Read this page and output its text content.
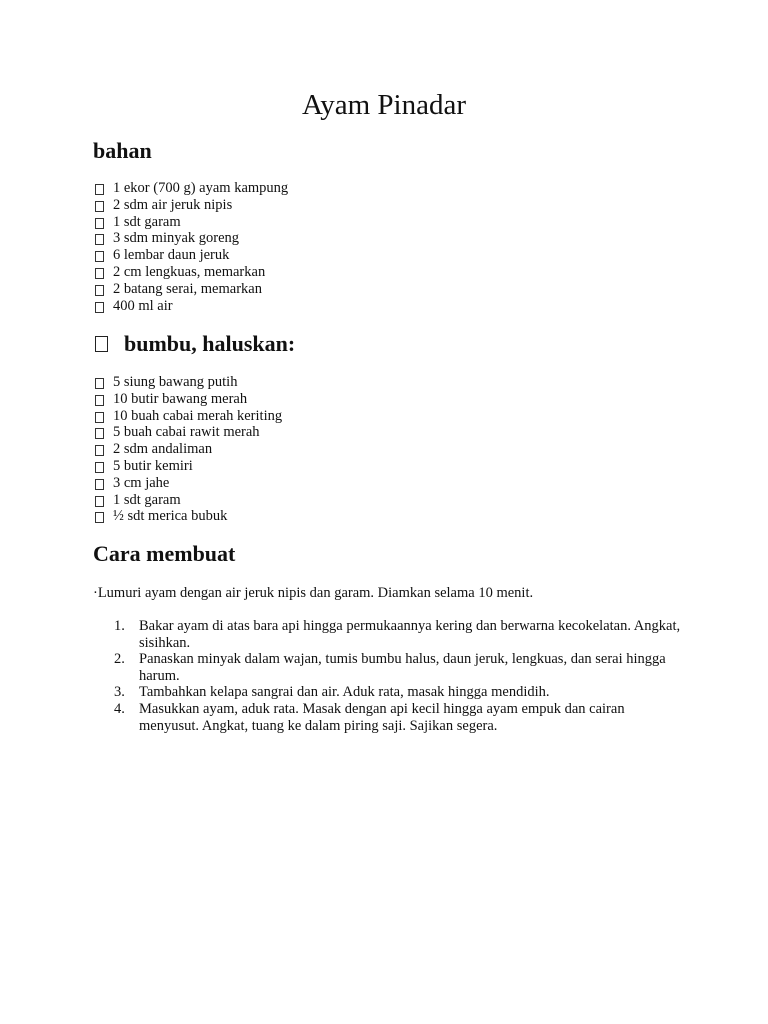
Ayam Pinadar
bahan
1 ekor (700 g) ayam kampung
2 sdm air jeruk nipis
1 sdt garam
3 sdm minyak goreng
6 lembar daun jeruk
2 cm lengkuas, memarkan
2 batang serai, memarkan
400 ml air
bumbu, haluskan:
5 siung bawang putih
10 butir bawang merah
10 buah cabai merah keriting
5 buah cabai rawit merah
2 sdm andaliman
5 butir kemiri
3 cm jahe
1 sdt garam
½ sdt merica bubuk
Cara membuat

·Lumuri ayam dengan air jeruk nipis dan garam. Diamkan selama 10 menit.

1. Bakar ayam di atas bara api hingga permukaannya kering dan berwarna kecokelatan. Angkat, sisihkan.
2. Panaskan minyak dalam wajan, tumis bumbu halus, daun jeruk, lengkuas, dan serai hingga harum.
3. Tambahkan kelapa sangrai dan air. Aduk rata, masak hingga mendidih.
4. Masukkan ayam, aduk rata. Masak dengan api kecil hingga ayam empuk dan cairan menyusut. Angkat, tuang ke dalam piring saji. Sajikan segera.
